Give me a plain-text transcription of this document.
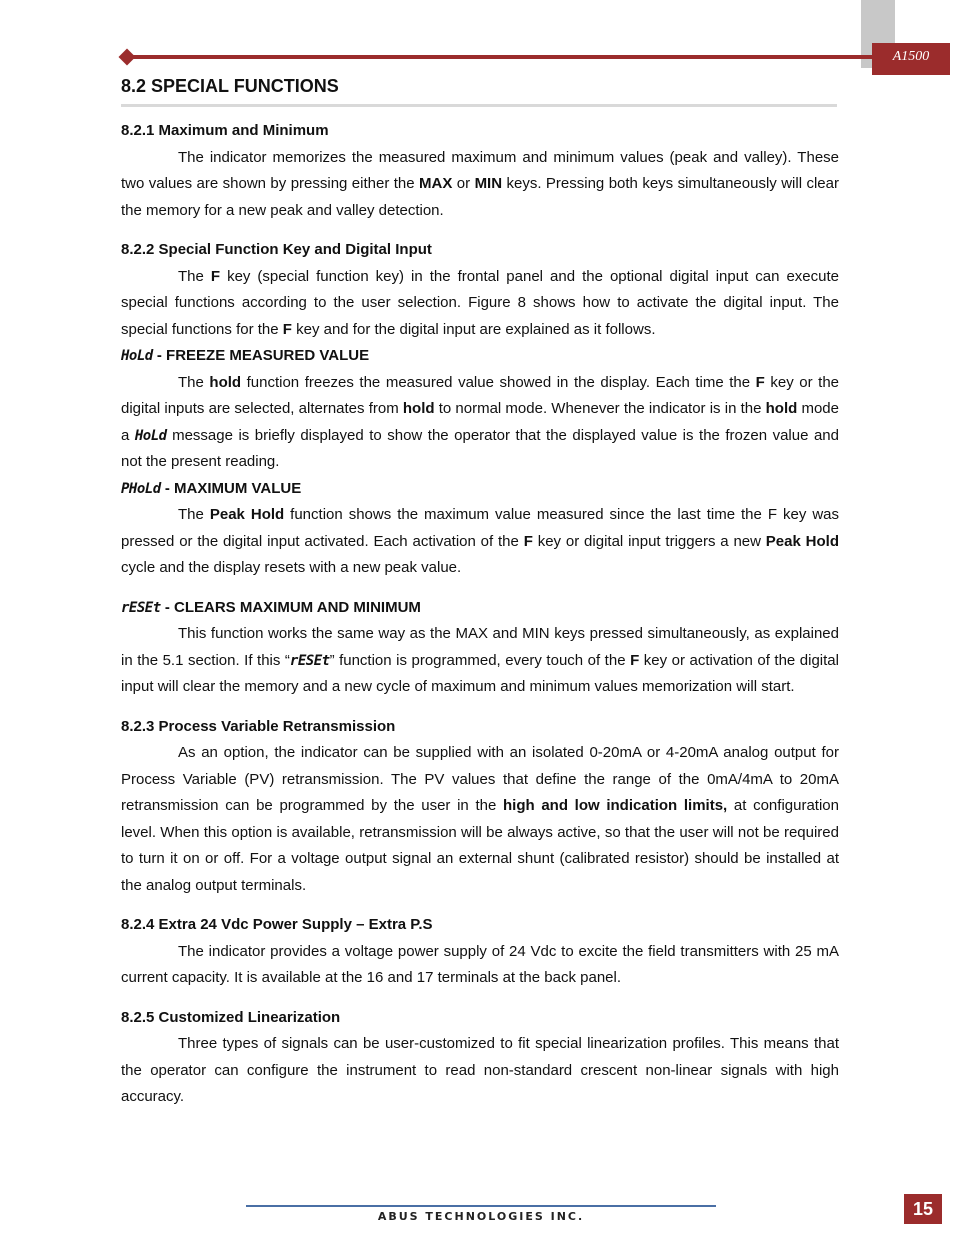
A1500
8.2 SPECIAL FUNCTIONS
8.2.1 Maximum and Minimum

The indicator memorizes the measured maximum and minimum values (peak and valley). These two values are shown by pressing either the MAX or MIN keys. Pressing both keys simultaneously will clear the memory for a new peak and valley detection.

8.2.2 Special Function Key and Digital Input

The F key (special function key) in the frontal panel and the optional digital input can execute special functions according to the user selection. Figure 8 shows how to activate the digital input. The special functions for the F key and for the digital input are explained as it follows.

HoLd - FREEZE MEASURED VALUE

The hold function freezes the measured value showed in the display. Each time the F key or the digital inputs are selected, alternates from hold to normal mode. Whenever the indicator is in the hold mode a HoLd message is briefly displayed to show the operator that the displayed value is the frozen value and not the present reading.

PHoLd - MAXIMUM VALUE

The Peak Hold function shows the maximum value measured since the last time the F key was pressed or the digital input activated. Each activation of the F key or digital input triggers a new Peak Hold cycle and the display resets with a new peak value.

rESEt - CLEARS MAXIMUM AND MINIMUM

This function works the same way as the MAX and MIN keys pressed simultaneously, as explained in the 5.1 section. If this “rESEt” function is programmed, every touch of the F key or activation of the digital input will clear the memory and a new cycle of maximum and minimum values memorization will start.

8.2.3 Process Variable Retransmission

As an option, the indicator can be supplied with an isolated 0-20mA or 4-20mA analog output for Process Variable (PV) retransmission. The PV values that define the range of the 0mA/4mA to 20mA retransmission can be programmed by the user in the high and low indication limits, at configuration level. When this option is available, retransmission will be always active, so that the user will not be required to turn it on or off. For a voltage output signal an external shunt (calibrated resistor) should be installed at the analog output terminals.

8.2.4 Extra 24 Vdc Power Supply – Extra P.S

The indicator provides a voltage power supply of 24 Vdc to excite the field transmitters with 25 mA current capacity. It is available at the 16 and 17 terminals at the back panel.

8.2.5 Customized Linearization

Three types of signals can be user-customized to fit special linearization profiles. This means that the operator can configure the instrument to read non-standard crescent non-linear signals with high accuracy.

ABUS TECHNOLOGIES INC.	15
